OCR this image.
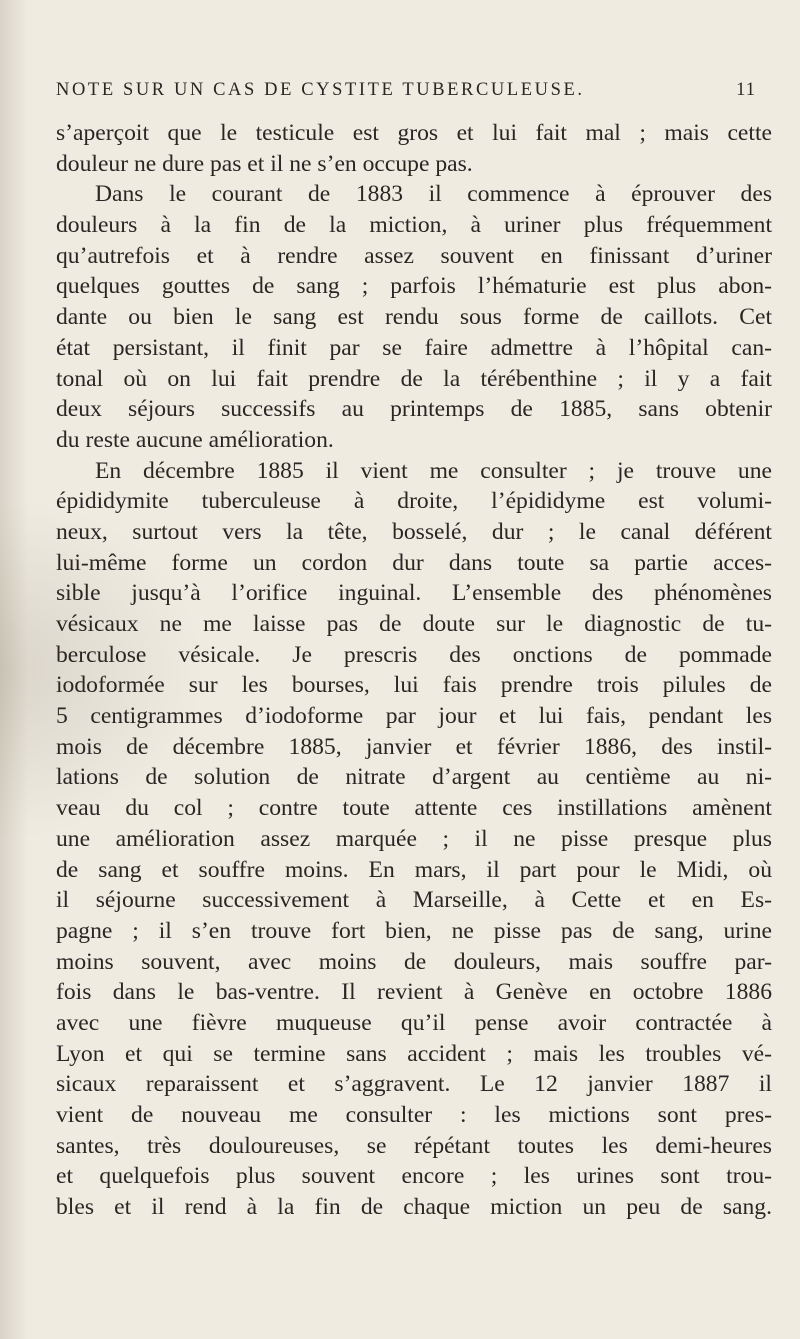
NOTE SUR UN CAS DE CYSTITE TUBERCULEUSE.	11
s’aperçoit que le testicule est gros et lui fait mal ; mais cette
douleur ne dure pas et il ne s’en occupe pas.
Dans le courant de 1883 il commence à éprouver des
douleurs à la fin de la miction, à uriner plus fréquemment
qu’autrefois et à rendre assez souvent en finissant d’uriner
quelques gouttes de sang ; parfois l’hématurie est plus abon-
dante ou bien le sang est rendu sous forme de caillots. Cet
état persistant, il finit par se faire admettre à l’hôpital can-
tonal où on lui fait prendre de la térébenthine ; il y a fait
deux séjours successifs au printemps de 1885, sans obtenir
du reste aucune amélioration.
En décembre 1885 il vient me consulter ; je trouve une
épididymite tuberculeuse à droite, l’épididyme est volumi-
neux, surtout vers la tête, bosselé, dur ; le canal déférent
lui-même forme un cordon dur dans toute sa partie acces-
sible jusqu’à l’orifice inguinal. L’ensemble des phénomènes
vésicaux ne me laisse pas de doute sur le diagnostic de tu-
berculose vésicale. Je prescris des onctions de pommade
iodoformée sur les bourses, lui fais prendre trois pilules de
5 centigrammes d’iodoforme par jour et lui fais, pendant les
mois de décembre 1885, janvier et février 1886, des instil-
lations de solution de nitrate d’argent au centième au ni-
veau du col ; contre toute attente ces instillations amènent
une amélioration assez marquée ; il ne pisse presque plus
de sang et souffre moins. En mars, il part pour le Midi, où
il séjourne successivement à Marseille, à Cette et en Es-
pagne ; il s’en trouve fort bien, ne pisse pas de sang, urine
moins souvent, avec moins de douleurs, mais souffre par-
fois dans le bas-ventre. Il revient à Genève en octobre 1886
avec une fièvre muqueuse qu’il pense avoir contractée à
Lyon et qui se termine sans accident ; mais les troubles vé-
sicaux reparaissent et s’aggravent. Le 12 janvier 1887 il
vient de nouveau me consulter : les mictions sont pres-
santes, très douloureuses, se répétant toutes les demi-heures
et quelquefois plus souvent encore ; les urines sont trou-
bles et il rend à la fin de chaque miction un peu de sang.
